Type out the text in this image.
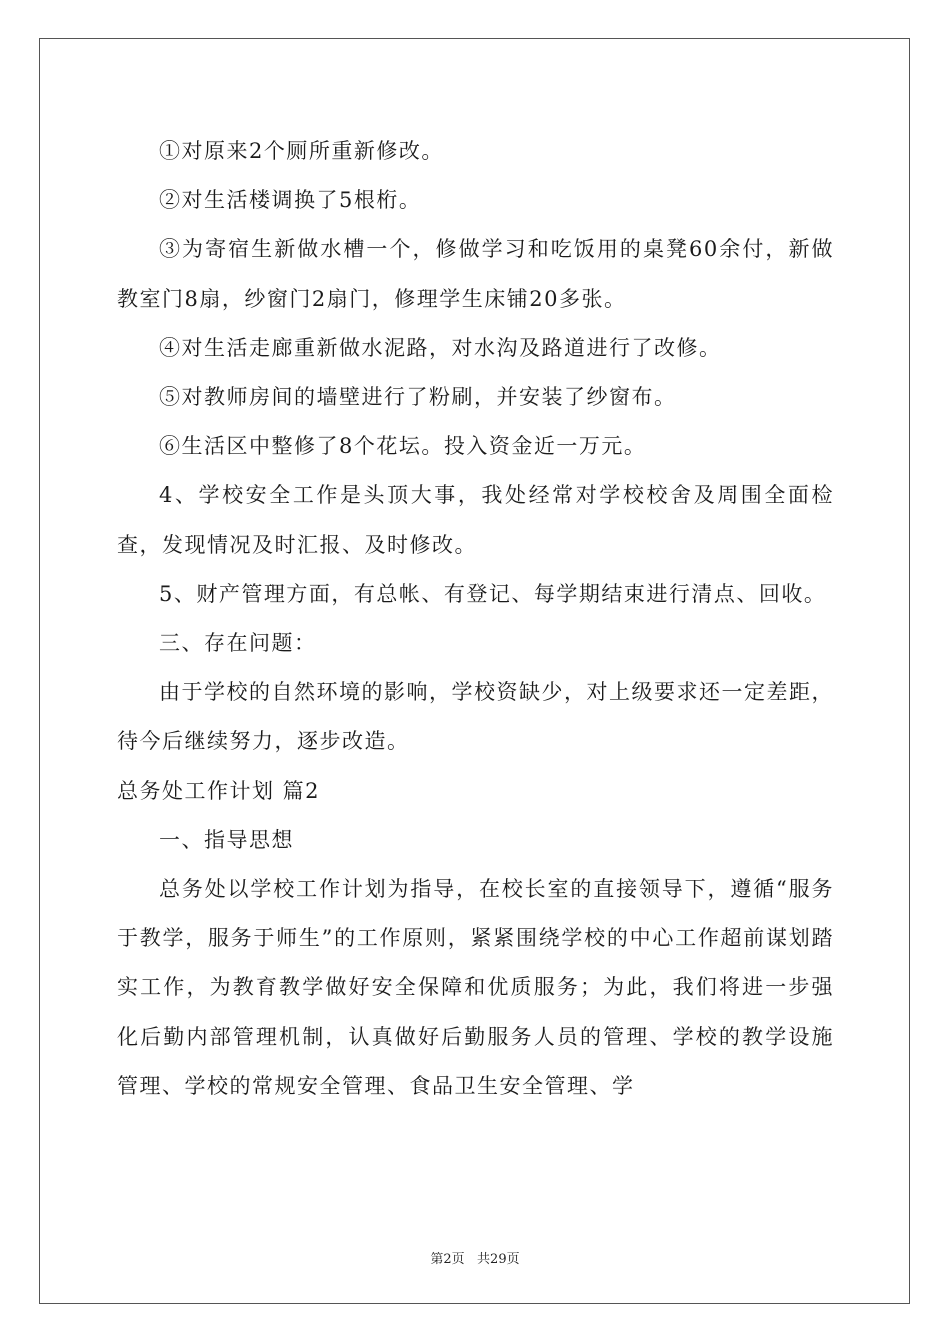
①对原来2个厕所重新修改。

②对生活楼调换了5根桁。

③为寄宿生新做水槽一个，修做学习和吃饭用的桌凳60余付，新做教室门8扇，纱窗门2扇门，修理学生床铺20多张。

④对生活走廊重新做水泥路，对水沟及路道进行了改修。

⑤对教师房间的墙壁进行了粉刷，并安装了纱窗布。

⑥生活区中整修了8个花坛。投入资金近一万元。

4、学校安全工作是头顶大事，我处经常对学校校舍及周围全面检查，发现情况及时汇报、及时修改。

5、财产管理方面，有总帐、有登记、每学期结束进行清点、回收。

三、存在问题：

由于学校的自然环境的影响，学校资缺少，对上级要求还一定差距，待今后继续努力，逐步改造。

总务处工作计划 篇2

一、指导思想

总务处以学校工作计划为指导，在校长室的直接领导下，遵循“服务于教学，服务于师生”的工作原则，紧紧围绕学校的中心工作超前谋划踏实工作，为教育教学做好安全保障和优质服务；为此，我们将进一步强化后勤内部管理机制，认真做好后勤服务人员的管理、学校的教学设施管理、学校的常规安全管理、食品卫生安全管理、学

第2页   共29页
